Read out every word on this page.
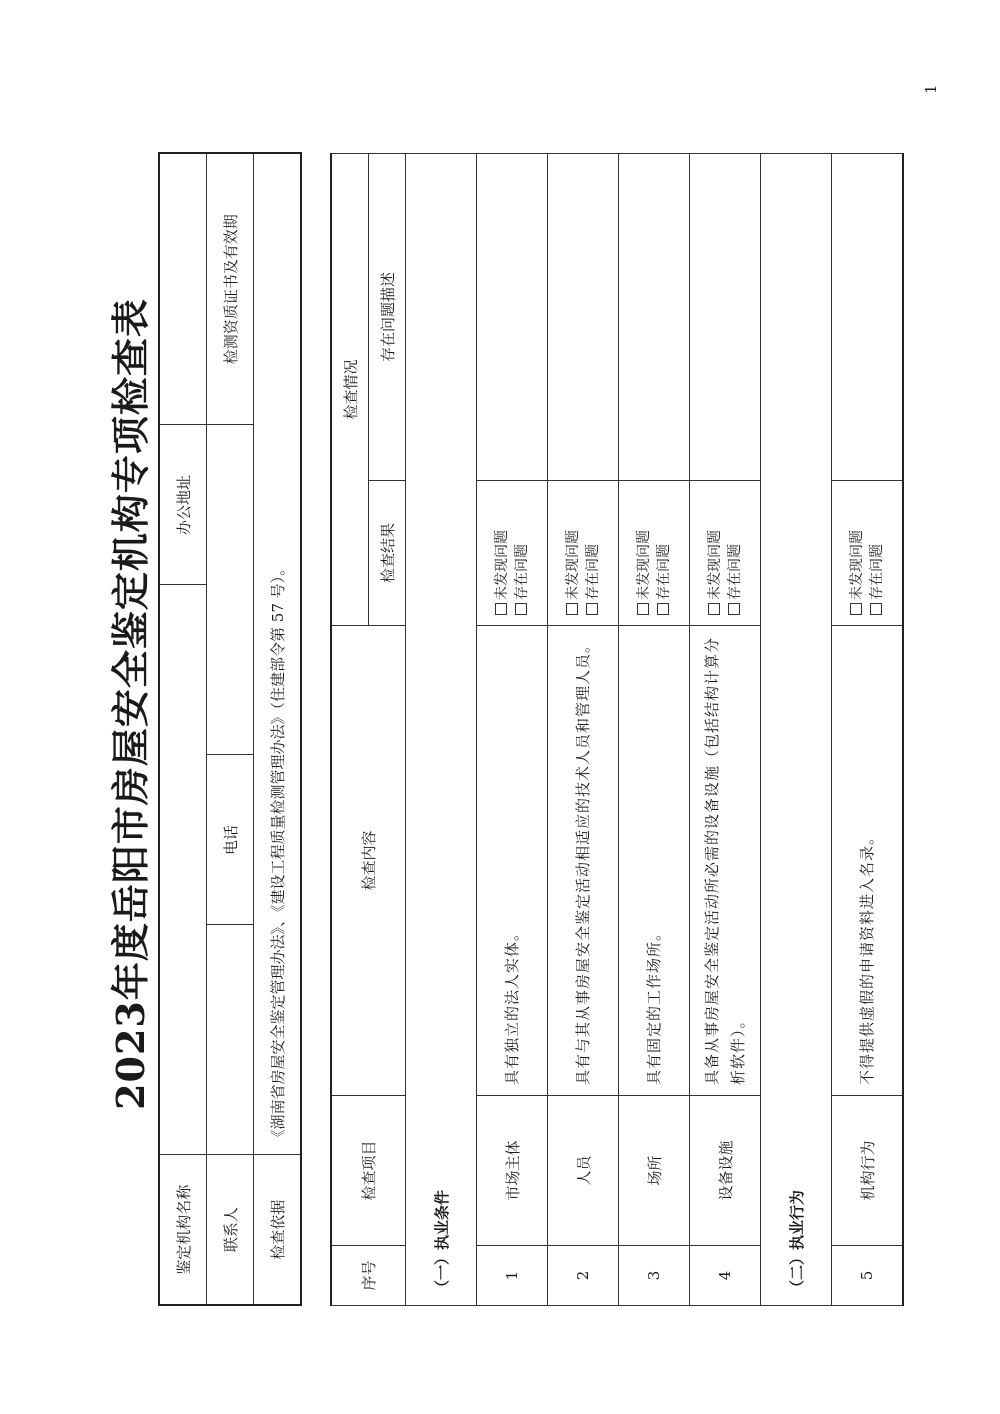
2023年度岳阳市房屋安全鉴定机构专项检查表
鉴定机构名称				办公地址	
联系人		电话			检测资质证书及有效期
检查依据	《湖南省房屋安全鉴定管理办法》、《建设工程质量检测管理办法》（住建部令第 57 号）。				
序号	检查项目	检查内容	检查情况	
			检查结果	存在问题描述
（一）执业条件				
1	市场主体	具有独立的法人实体。	未发现问题 存在问题	

2	人员	具有与其从事房屋安全鉴定活动相适应的技术人员和管理人员。	未发现问题 存在问题	

3	场所	具有固定的工作场所。	未发现问题 存在问题	

4	设备设施	具备从事房屋安全鉴定活动所必需的设备设施（包括结构计算分析软件）。	未发现问题 存在问题	

（二）执业行为				
5	机构行为	不得提供虚假的申请资料进入名录。	未发现问题 存在问题	

1
